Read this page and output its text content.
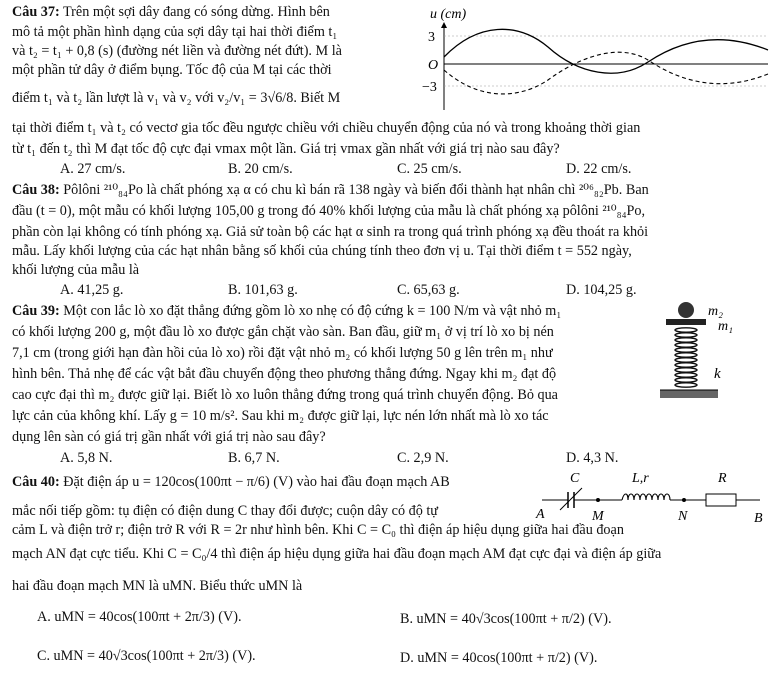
Câu 37: Trên một sợi dây đang có sóng dừng. Hình bên
mô tả một phần hình dạng của sợi dây tại hai thời điểm t₁
và t₂ = t₁ + 0,8 (s) (đường nét liền và đường nét đứt). M là
một phần tử dây ở điểm bụng. Tốc độ của M tại các thời
điểm t₁ và t₂ lần lượt là v₁ và v₂ với v₂/v₁ = 3√6/8. Biết M
tại thời điểm t₁ và t₂ có vectơ gia tốc đều ngược chiều với chiều chuyển động của nó và trong khoảng thời gian
từ t₁ đến t₂ thì M đạt tốc độ cực đại vmax một lần. Giá trị vmax gần nhất với giá trị nào sau đây?
A. 27 cm/s.	B. 20 cm/s.	C. 25 cm/s.	D. 22 cm/s.
u (cm)
3
O
−3
Câu 38: Pôlôni ²¹⁰₈₄Po là chất phóng xạ α có chu kì bán rã 138 ngày và biến đổi thành hạt nhân chì ²⁰⁶₈₂Pb. Ban
đầu (t = 0), một mẫu có khối lượng 105,00 g trong đó 40% khối lượng của mẫu là chất phóng xạ pôlôni ²¹⁰₈₄Po,
phần còn lại không có tính phóng xạ. Giả sử toàn bộ các hạt α sinh ra trong quá trình phóng xạ đều thoát ra khỏi
mẫu. Lấy khối lượng của các hạt nhân bằng số khối của chúng tính theo đơn vị u. Tại thời điểm t = 552 ngày,
khối lượng của mẫu là
A. 41,25 g.	B. 101,63 g.	C. 65,63 g.	D. 104,25 g.
Câu 39: Một con lắc lò xo đặt thẳng đứng gồm lò xo nhẹ có độ cứng k = 100 N/m và vật nhỏ m₁
có khối lượng 200 g, một đầu lò xo được gắn chặt vào sàn. Ban đầu, giữ m₁ ở vị trí lò xo bị nén
7,1 cm (trong giới hạn đàn hồi của lò xo) rồi đặt vật nhỏ m₂ có khối lượng 50 g lên trên m₁ như
hình bên. Thả nhẹ để các vật bắt đầu chuyển động theo phương thẳng đứng. Ngay khi m₂ đạt độ
cao cực đại thì m₂ được giữ lại. Biết lò xo luôn thẳng đứng trong quá trình chuyển động. Bỏ qua
lực cản của không khí. Lấy g = 10 m/s². Sau khi m₂ được giữ lại, lực nén lớn nhất mà lò xo tác
dụng lên sàn có giá trị gần nhất với giá trị nào sau đây?
A. 5,8 N.	B. 6,7 N.	C. 2,9 N.	D. 4,3 N.
m₂
m₁
k
Câu 40: Đặt điện áp u = 120cos(100πt − π/6) (V) vào hai đầu đoạn mạch AB
mắc nối tiếp gồm: tụ điện có điện dung C thay đổi được; cuộn dây có độ tự
cảm L và điện trở r; điện trở R với R = 2r như hình bên. Khi C = C₀ thì điện áp hiệu dụng giữa hai đầu đoạn
mạch AN đạt cực tiểu. Khi C = C₀/4 thì điện áp hiệu dụng giữa hai đầu đoạn mạch AM đạt cực đại và điện áp giữa
hai đầu đoạn mạch MN là uMN. Biểu thức uMN là
A. uMN = 40cos(100πt + 2π/3) (V).	B. uMN = 40√3cos(100πt + π/2) (V).
C. uMN = 40√3cos(100πt + 2π/3) (V).	D. uMN = 40cos(100πt + π/2) (V).
C	L,r	R
A	M	N	B
